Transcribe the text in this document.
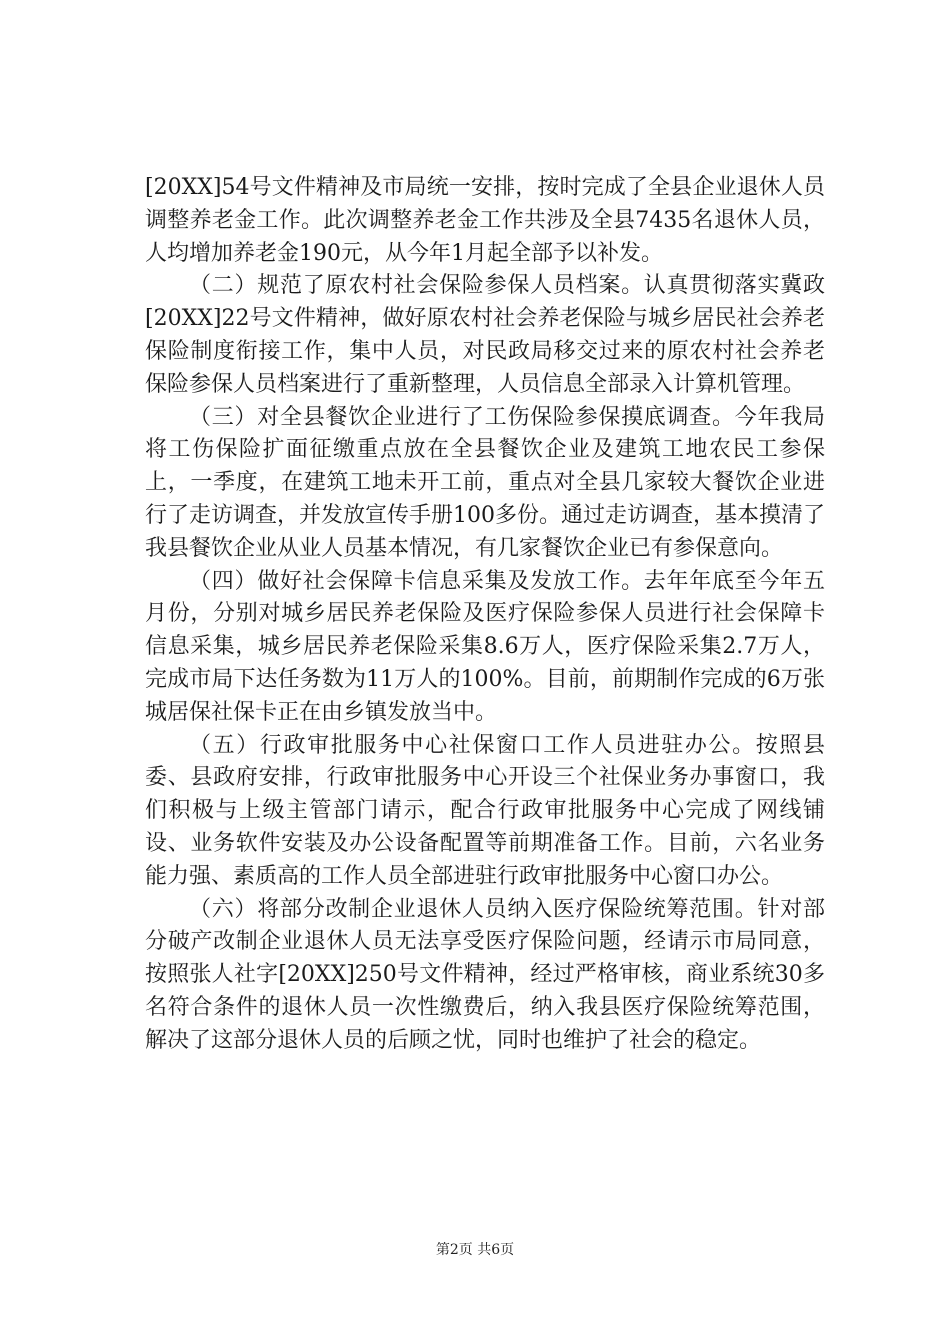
[20XX]54号文件精神及市局统一安排，按时完成了全县企业退休人员调整养老金工作。此次调整养老金工作共涉及全县7435名退休人员，人均增加养老金190元，从今年1月起全部予以补发。

（二）规范了原农村社会保险参保人员档案。认真贯彻落实冀政[20XX]22号文件精神，做好原农村社会养老保险与城乡居民社会养老保险制度衔接工作，集中人员，对民政局移交过来的原农村社会养老保险参保人员档案进行了重新整理，人员信息全部录入计算机管理。

（三）对全县餐饮企业进行了工伤保险参保摸底调查。今年我局将工伤保险扩面征缴重点放在全县餐饮企业及建筑工地农民工参保上，一季度，在建筑工地未开工前，重点对全县几家较大餐饮企业进行了走访调查，并发放宣传手册100多份。通过走访调查，基本摸清了我县餐饮企业从业人员基本情况，有几家餐饮企业已有参保意向。

（四）做好社会保障卡信息采集及发放工作。去年年底至今年五月份，分别对城乡居民养老保险及医疗保险参保人员进行社会保障卡信息采集，城乡居民养老保险采集8.6万人，医疗保险采集2.7万人，完成市局下达任务数为11万人的100%。目前，前期制作完成的6万张城居保社保卡正在由乡镇发放当中。

（五）行政审批服务中心社保窗口工作人员进驻办公。按照县委、县政府安排，行政审批服务中心开设三个社保业务办事窗口，我们积极与上级主管部门请示，配合行政审批服务中心完成了网线铺设、业务软件安装及办公设备配置等前期准备工作。目前，六名业务能力强、素质高的工作人员全部进驻行政审批服务中心窗口办公。

（六）将部分改制企业退休人员纳入医疗保险统筹范围。针对部分破产改制企业退休人员无法享受医疗保险问题，经请示市局同意，按照张人社字[20XX]250号文件精神，经过严格审核，商业系统30多名符合条件的退休人员一次性缴费后，纳入我县医疗保险统筹范围，解决了这部分退休人员的后顾之忧，同时也维护了社会的稳定。

第2页 共6页
